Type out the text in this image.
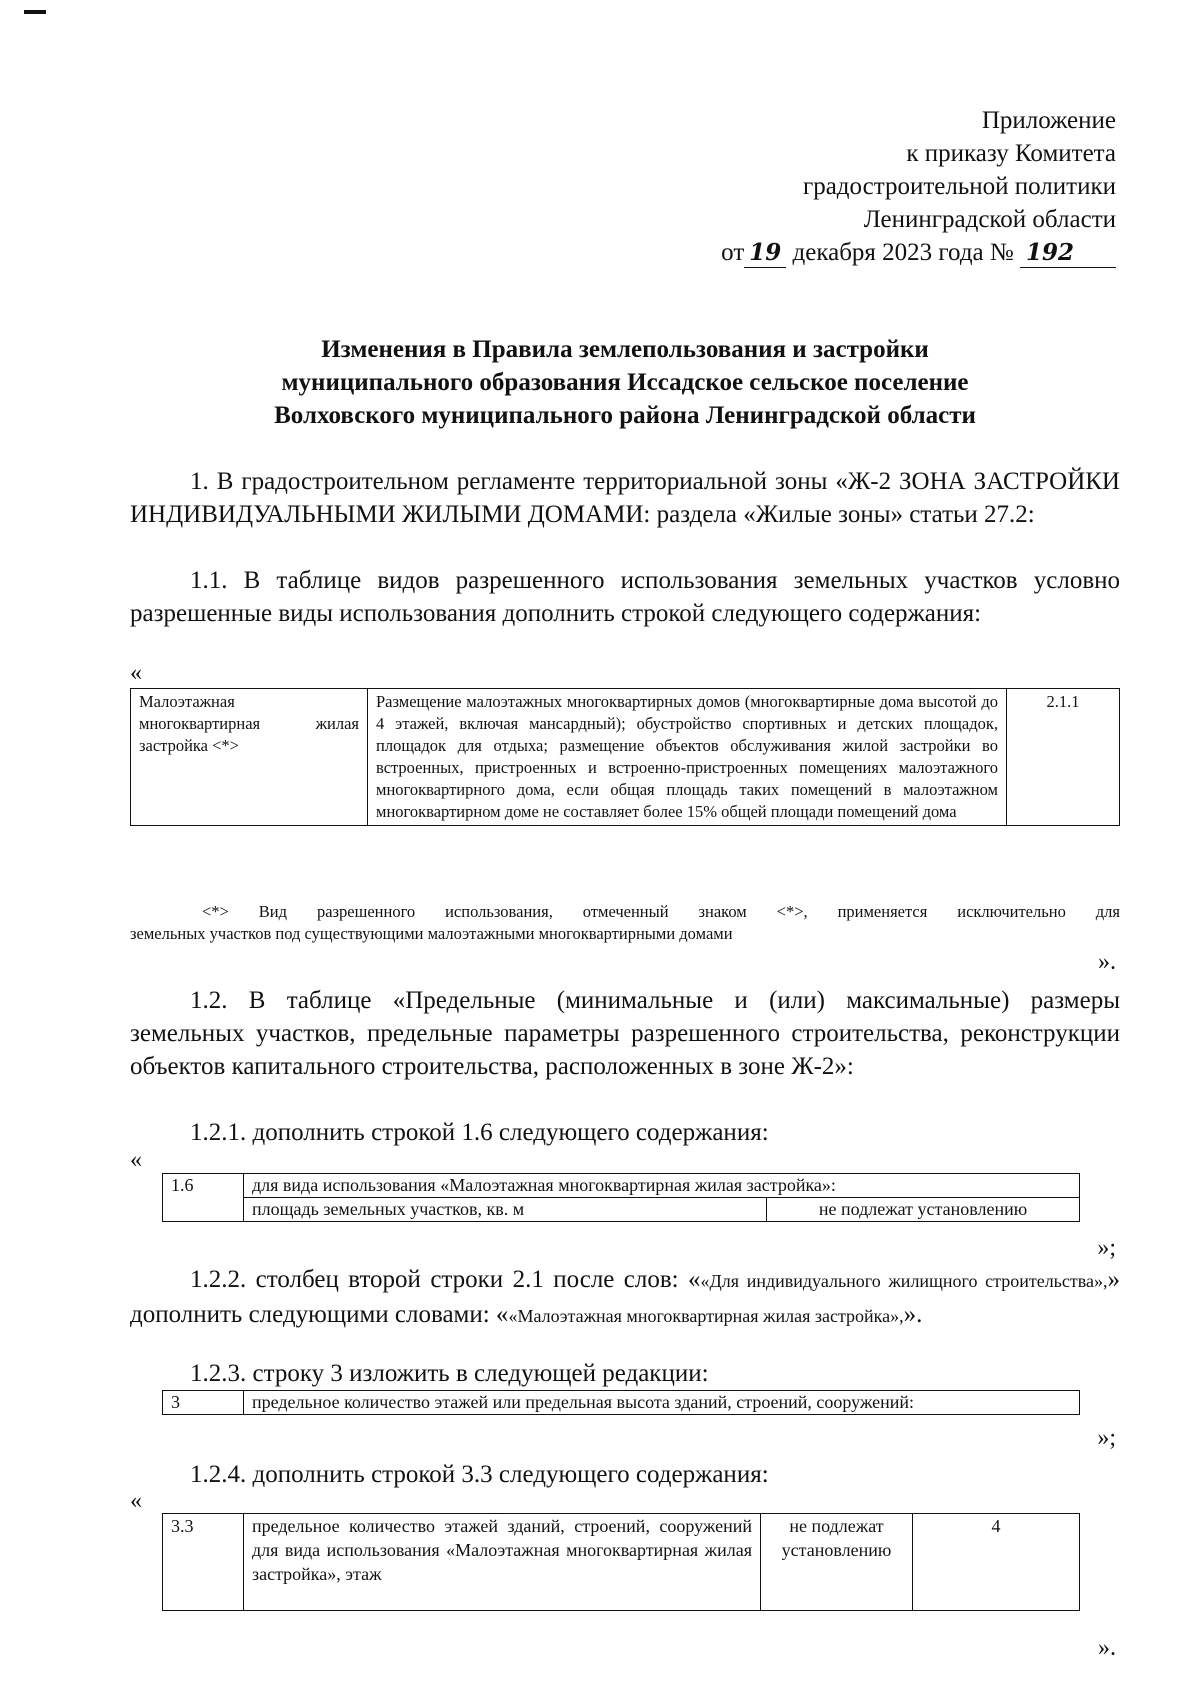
Приложение
к приказу Комитета
градостроительной политики
Ленинградской области
от 19 декабря 2023 года № 192
Изменения в Правила землепользования и застройки
муниципального образования Иссадское сельское поселение
Волховского муниципального района Ленинградской области
1. В градостроительном регламенте территориальной зоны «Ж-2 ЗОНА ЗАСТРОЙКИ ИНДИВИДУАЛЬНЫМИ ЖИЛЫМИ ДОМАМИ: раздела «Жилые зоны» статьи 27.2:
1.1. В таблице видов разрешенного использования земельных участков условно разрешенные виды использования дополнить строкой следующего содержания:
«
Малоэтажная многоквартирная жилая застройка <*>	Размещение малоэтажных многоквартирных домов (многоквартирные дома высотой до 4 этажей, включая мансардный); обустройство спортивных и детских площадок, площадок для отдыха; размещение объектов обслуживания жилой застройки во встроенных, пристроенных и встроенно-пристроенных помещениях малоэтажного многоквартирного дома, если общая площадь таких помещений в малоэтажном многоквартирном доме не составляет более 15% общей площади помещений дома	2.1.1
<*> Вид разрешенного использования, отмеченный знаком <*>, применяется исключительно для
земельных участков под существующими малоэтажными многоквартирными домами
».
1.2. В таблице «Предельные (минимальные и (или) максимальные) размеры земельных участков, предельные параметры разрешенного строительства, реконструкции объектов капитального строительства, расположенных в зоне Ж-2»:
1.2.1. дополнить строкой 1.6 следующего содержания:
«
1.6	для вида использования «Малоэтажная многоквартирная жилая застройка»:	
	площадь земельных участков, кв. м	не подлежат установлению
»;
1.2.2. столбец второй строки 2.1 после слов: ««Для индивидуального жилищного строительства»,» дополнить следующими словами: ««Малоэтажная многоквартирная жилая застройка»,».
1.2.3. строку 3 изложить в следующей редакции:
3	предельное количество этажей или предельная высота зданий, строений, сооружений:
»;
1.2.4. дополнить строкой 3.3 следующего содержания:
«
3.3	предельное количество этажей зданий, строений, сооружений для вида использования «Малоэтажная многоквартирная жилая застройка», этаж	не подлежат установлению	4
».
